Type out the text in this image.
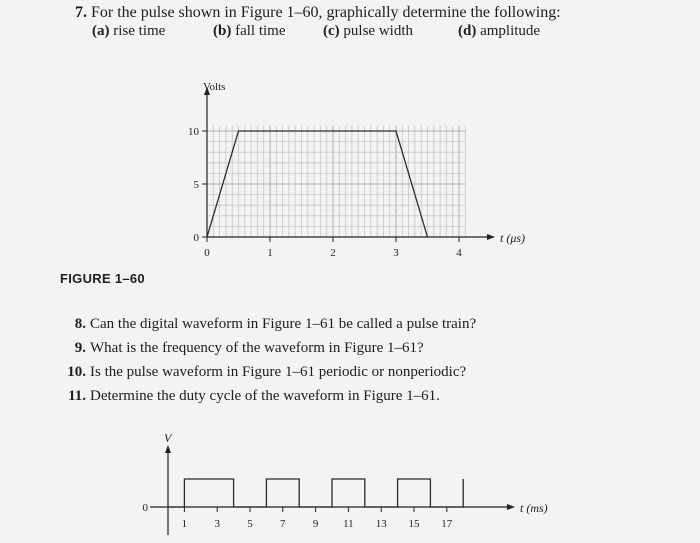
7. For the pulse shown in Figure 1–60, graphically determine the following:
(a) rise time	(b) fall time	(c) pulse width	(d) amplitude
Volts
t (μs)
0	1	2	3	4
0
5
10
FIGURE 1–60
8. Can the digital waveform in Figure 1–61 be called a pulse train?
9. What is the frequency of the waveform in Figure 1–61?
10. Is the pulse waveform in Figure 1–61 periodic or nonperiodic?
11. Determine the duty cycle of the waveform in Figure 1–61.
V
t (ms)
1 3 5 7 9 11 13 15 17
0
